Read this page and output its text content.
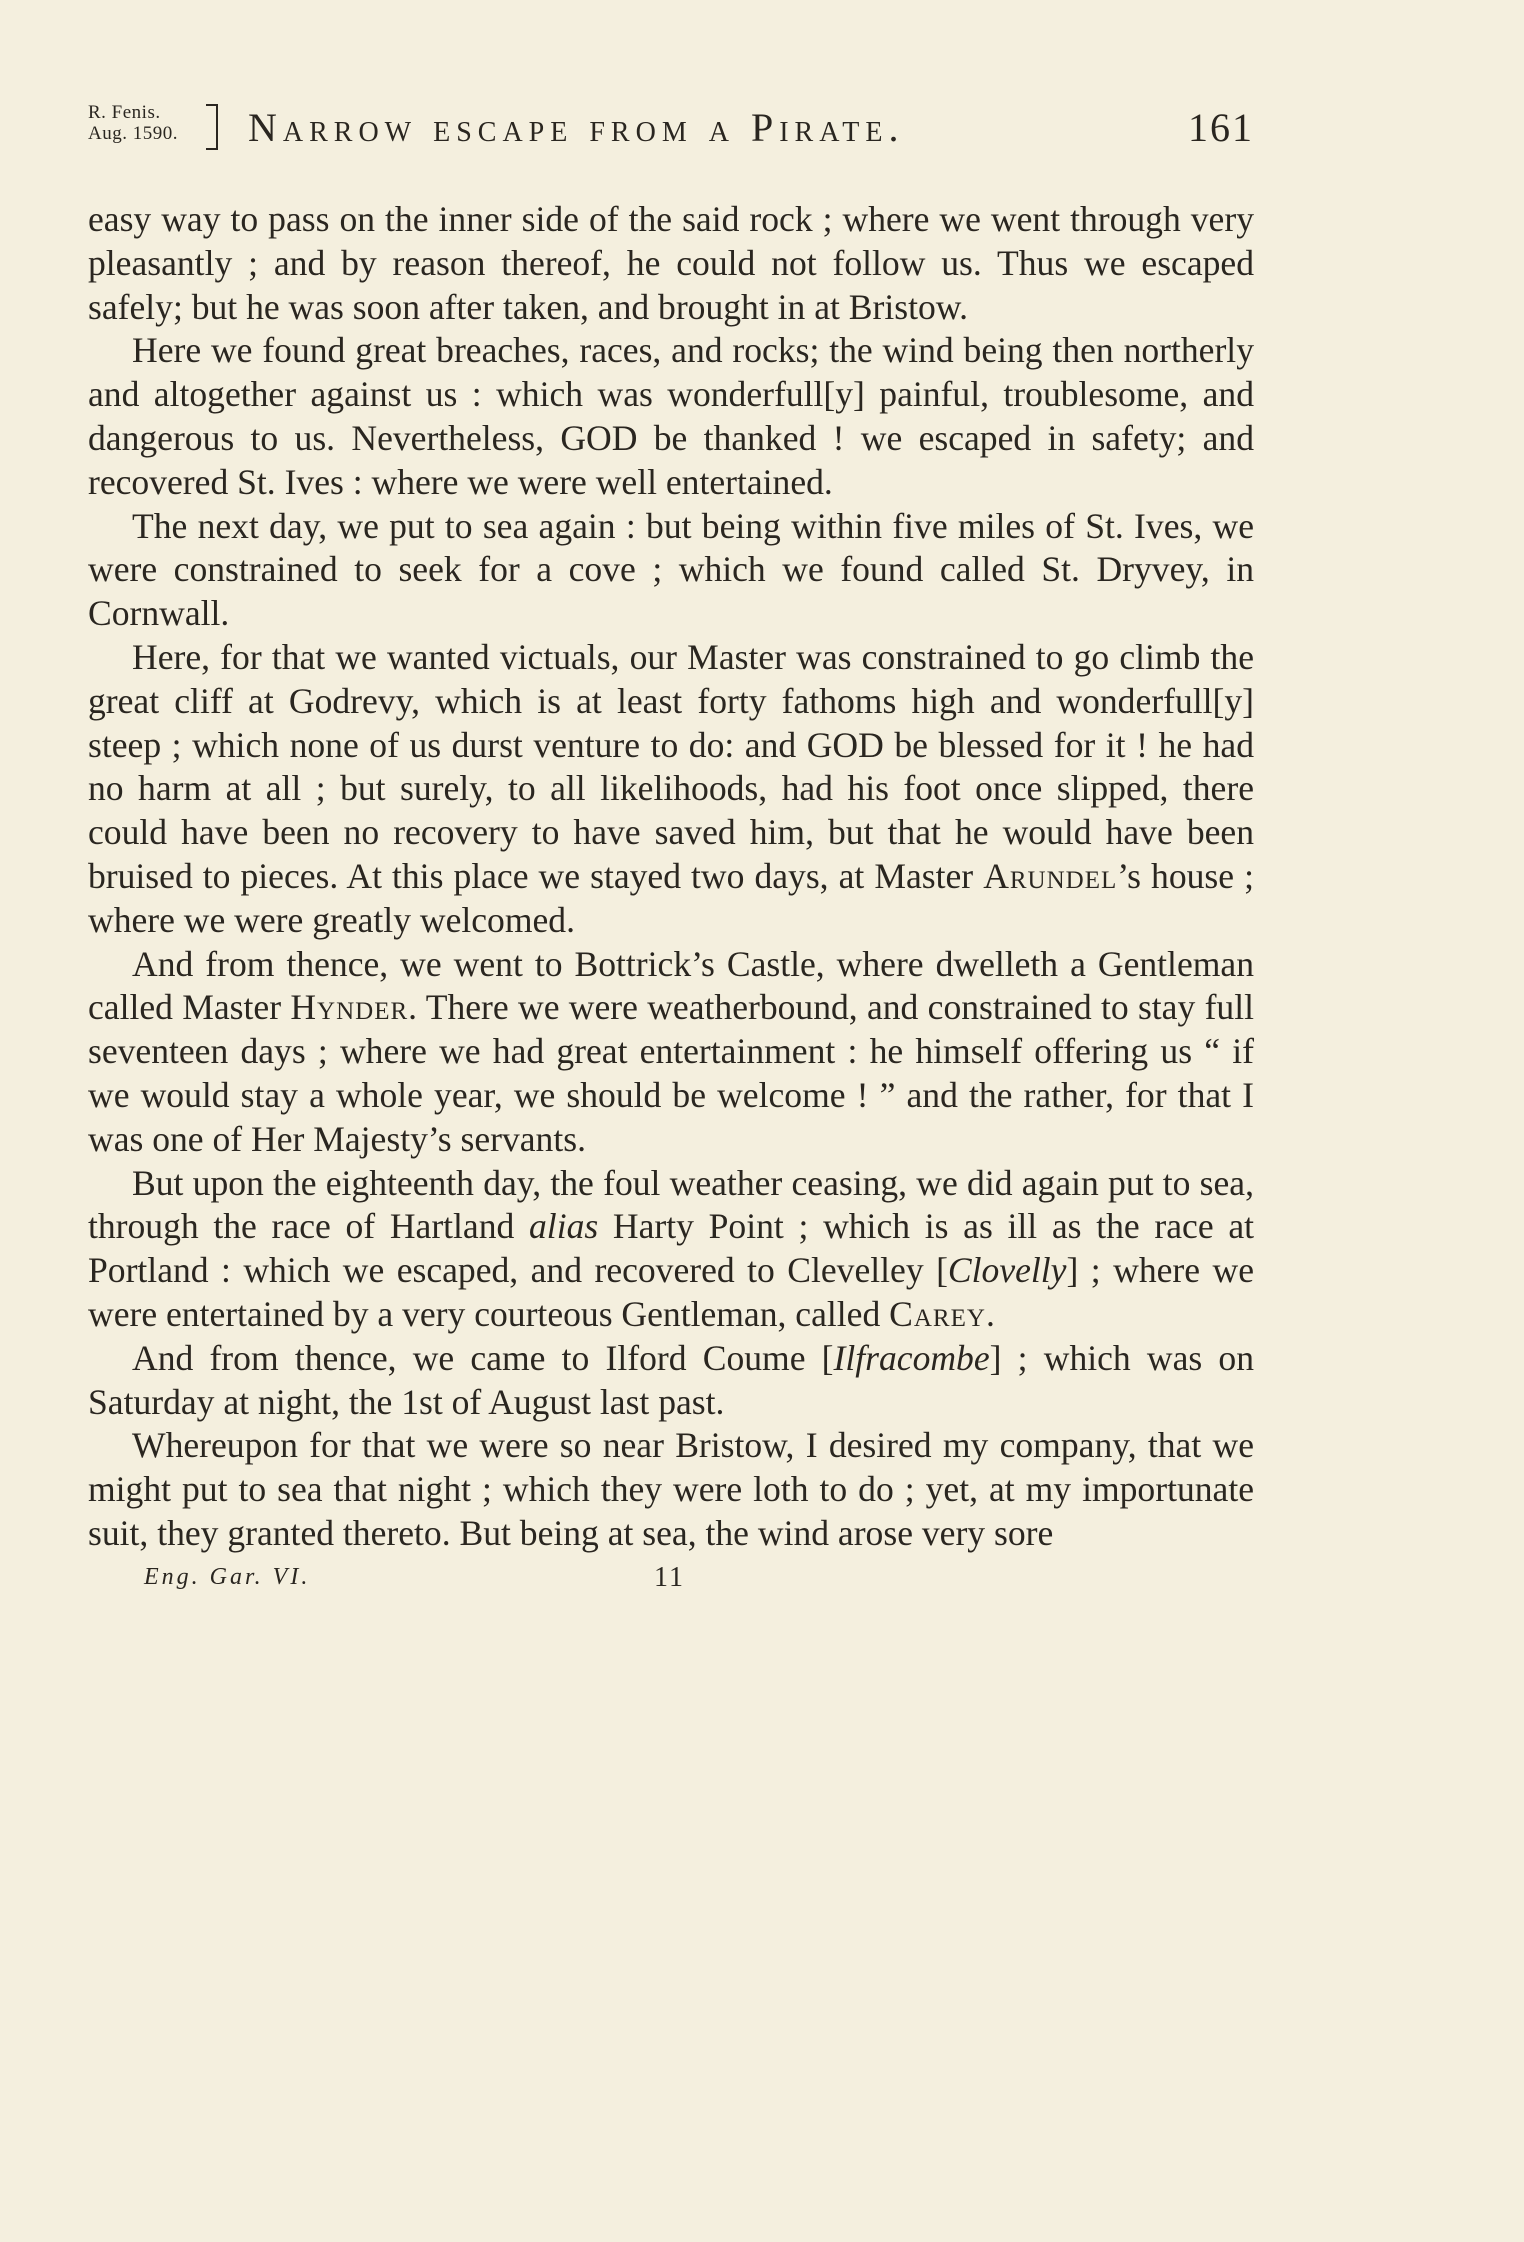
R. Fenis.
Aug. 1590. Narrow escape from a Pirate.	161

easy way to pass on the inner side of the said rock ; where we went through very pleasantly ; and by reason thereof, he could not follow us. Thus we escaped safely; but he was soon after taken, and brought in at Bristow.

Here we found great breaches, races, and rocks; the wind being then northerly and altogether against us : which was wonderfull[y] painful, troublesome, and dangerous to us. Nevertheless, GOD be thanked ! we escaped in safety; and recovered St. Ives : where we were well entertained.

The next day, we put to sea again : but being within five miles of St. Ives, we were constrained to seek for a cove ; which we found called St. Dryvey, in Cornwall.

Here, for that we wanted victuals, our Master was constrained to go climb the great cliff at Godrevy, which is at least forty fathoms high and wonderfull[y] steep ; which none of us durst venture to do: and GOD be blessed for it ! he had no harm at all ; but surely, to all likelihoods, had his foot once slipped, there could have been no recovery to have saved him, but that he would have been bruised to pieces. At this place we stayed two days, at Master Arundel’s house ; where we were greatly welcomed.

And from thence, we went to Bottrick’s Castle, where dwelleth a Gentleman called Master Hynder. There we were weatherbound, and constrained to stay full seventeen days ; where we had great entertainment : he himself offering us “ if we would stay a whole year, we should be welcome ! ” and the rather, for that I was one of Her Majesty’s servants.

But upon the eighteenth day, the foul weather ceasing, we did again put to sea, through the race of Hartland alias Harty Point ; which is as ill as the race at Portland : which we escaped, and recovered to Clevelley [Clovelly] ; where we were entertained by a very courteous Gentleman, called Carey.

And from thence, we came to Ilford Coume [Ilfracombe] ; which was on Saturday at night, the 1st of August last past.

Whereupon for that we were so near Bristow, I desired my company, that we might put to sea that night ; which they were loth to do ; yet, at my importunate suit, they granted thereto. But being at sea, the wind arose very sore

Eng. Gar. VI.	11
